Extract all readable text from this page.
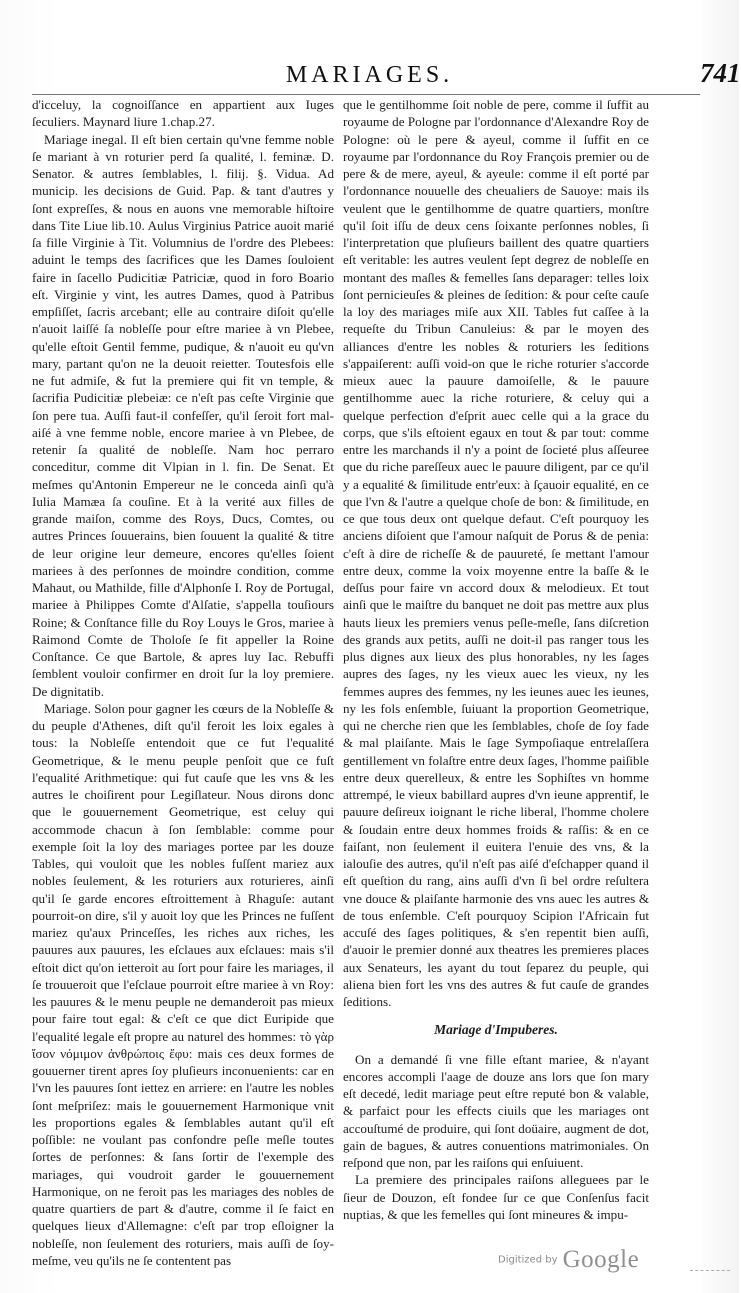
MARIAGES.	741

d'icceluy, la cognoiſſance en appartient aux Iuges ſeculiers. Maynard liure 1.chap.27.

Mariage inegal. Il eſt bien certain qu'vne femme noble ſe mariant à vn roturier perd ſa qualité, l. feminæ. D. Senator. & autres ſemblables, l. filij. §. Vidua. Ad municip. les decisions de Guid. Pap. & tant d'autres y ſont expreſſes, & nous en auons vne memorable hiſtoire dans Tite Liue lib.10. Aulus Virginius Patrice auoit marié ſa fille Virginie à Tit. Volumnius de l'ordre des Plebees: aduint le temps des ſacrifices que les Dames ſouloient faire in ſacello Pudicitiæ Patriciæ, quod in foro Boario eſt. Virginie y vint, les autres Dames, quod à Patribus empſiſſet, ſacris arcebant; elle au contraire diſoit qu'elle n'auoit laiſſé ſa nobleſſe pour eſtre mariee à vn Plebee, qu'elle eſtoit Gentil femme, pudique, & n'auoit eu qu'vn mary, partant qu'on ne la deuoit reietter. Toutesfois elle ne fut admiſe, & fut la premiere qui fit vn temple, & ſacrifia Pudicitiæ plebeiæ: ce n'eſt pas ceſte Virginie que ſon pere tua. Auſſi faut-il confeſſer, qu'il ſeroit fort mal-aiſé à vne femme noble, encore mariee à vn Plebee, de retenir ſa qualité de nobleſſe. Nam hoc perraro conceditur, comme dit Vlpian in l. fin. De Senat. Et meſmes qu'Antonin Empereur ne le conceda ainſi qu'à Iulia Mamæa ſa couſine. Et à la verité aux filles de grande maiſon, comme des Roys, Ducs, Comtes, ou autres Princes ſouuerains, bien ſouuent la qualité & titre de leur origine leur demeure, encores qu'elles ſoient mariees à des perſonnes de moindre condition, comme Mahaut, ou Mathilde, fille d'Alphonſe I. Roy de Portugal, mariee à Philippes Comte d'Alſatie, s'appella touſiours Roine; & Conſtance fille du Roy Louys le Gros, mariee à Raimond Comte de Tholoſe ſe fit appeller la Roine Conſtance. Ce que Bartole, & apres luy Iac. Rebuffi ſemblent vouloir confirmer en droit ſur la loy premiere. De dignitatib.

Mariage. Solon pour gagner les cœurs de la Nobleſſe & du peuple d'Athenes, diſt qu'il feroit les loix egales à tous: la Nobleſſe entendoit que ce fut l'equalité Geometrique, & le menu peuple penſoit que ce fuſt l'equalité Arithmetique: qui fut cauſe que les vns & les autres le choiſirent pour Legiſlateur. Nous dirons donc que le gouuernement Geometrique, est celuy qui accommode chacun à ſon ſemblable: comme pour exemple ſoit la loy des mariages portee par les douze Tables, qui vouloit que les nobles fuſſent mariez aux nobles ſeulement, & les roturiers aux roturieres, ainſi qu'il ſe garde encores eſtroittement à Rhaguſe: autant pourroit-on dire, s'il y auoit loy que les Princes ne fuſſent mariez qu'aux Princeſſes, les riches aux riches, les pauures aux pauures, les eſclaues aux eſclaues: mais s'il eſtoit dict qu'on ietteroit au ſort pour faire les mariages, il ſe trouueroit que l'eſclaue pourroit eſtre mariee à vn Roy: les pauures & le menu peuple ne demanderoit pas mieux pour faire tout egal: & c'eſt ce que dict Euripide que l'equalité legale eſt propre au naturel des hommes: τὸ γὰρ ἴσον νόμιμον ἀνθρώποις ἔφυ: mais ces deux formes de gouuerner tirent apres ſoy pluſieurs inconuenients: car en l'vn les pauures ſont iettez en arriere: en l'autre les nobles ſont meſpriſez: mais le gouuernement Harmonique vnit les proportions egales & ſemblables autant qu'il eſt poſſible: ne voulant pas confondre peſle meſle toutes ſortes de perſonnes: & ſans ſortir de l'exemple des mariages, qui voudroit garder le gouuernement Harmonique, on ne feroit pas les mariages des nobles de quatre quartiers de part & d'autre, comme il ſe faict en quelques lieux d'Allemagne: c'eſt par trop eſloigner la nobleſſe, non ſeulement des roturiers, mais auſſi de ſoy-meſme, veu qu'ils ne ſe contentent pas

que le gentilhomme ſoit noble de pere, comme il ſuffit au royaume de Pologne par l'ordonnance d'Alexandre Roy de Pologne: où le pere & ayeul, comme il ſuffit en ce royaume par l'ordonnance du Roy François premier ou de pere & de mere, ayeul, & ayeule: comme il eſt porté par l'ordonnance nouuelle des cheualiers de Sauoye: mais ils veulent que le gentilhomme de quatre quartiers, monſtre qu'il ſoit iſſu de deux cens ſoixante perſonnes nobles, ſi l'interpretation que pluſieurs baillent des quatre quartiers eſt veritable: les autres veulent ſept degrez de nobleſſe en montant des maſles & femelles ſans deparager: telles loix ſont pernicieuſes & pleines de ſedition: & pour ceſte cauſe la loy des mariages miſe aux XII. Tables fut caſſee à la requeſte du Tribun Canuleius: & par le moyen des alliances d'entre les nobles & roturiers les ſeditions s'appaiſerent: auſſi void-on que le riche roturier s'accorde mieux auec la pauure damoiſelle, & le pauure gentilhomme auec la riche roturiere, & celuy qui a quelque perfection d'eſprit auec celle qui a la grace du corps, que s'ils eſtoient egaux en tout & par tout: comme entre les marchands il n'y a point de ſocieté plus aſſeuree que du riche pareſſeux auec le pauure diligent, par ce qu'il y a equalité & ſimilitude entr'eux: à ſçauoir equalité, en ce que l'vn & l'autre a quelque choſe de bon: & ſimilitude, en ce que tous deux ont quelque defaut. C'eſt pourquoy les anciens diſoient que l'amour naſquit de Porus & de penia: c'eſt à dire de richeſſe & de pauureté, ſe mettant l'amour entre deux, comme la voix moyenne entre la baſſe & le deſſus pour faire vn accord doux & melodieux. Et tout ainſi que le maiſtre du banquet ne doit pas mettre aux plus hauts lieux les premiers venus peſle-meſle, ſans diſcretion des grands aux petits, auſſi ne doit-il pas ranger tous les plus dignes aux lieux des plus honorables, ny les ſages aupres des ſages, ny les vieux auec les vieux, ny les femmes aupres des femmes, ny les ieunes auec les ieunes, ny les fols enſemble, ſuiuant la proportion Geometrique, qui ne cherche rien que les ſemblables, choſe de ſoy fade & mal plaiſante. Mais le ſage Sympoſiaque entrelaſſera gentillement vn folaſtre entre deux ſages, l'homme paiſible entre deux querelleux, & entre les Sophiſtes vn homme attrempé, le vieux babillard aupres d'vn ieune apprentif, le pauure deſireux ioignant le riche liberal, l'homme cholere & ſoudain entre deux hommes froids & raſſis: & en ce faiſant, non ſeulement il euitera l'enuie des vns, & la ialouſie des autres, qu'il n'eſt pas aiſé d'eſchapper quand il eſt queſtion du rang, ains auſſi d'vn ſi bel ordre reſultera vne douce & plaiſante harmonie des vns auec les autres & de tous enſemble. C'eſt pourquoy Scipion l'Africain fut accuſé des ſages politiques, & s'en repentit bien auſſi, d'auoir le premier donné aux theatres les premieres places aux Senateurs, les ayant du tout ſeparez du peuple, qui aliena bien fort les vns des autres & fut cauſe de grandes ſeditions.

Mariage d'Impuberes.

On a demandé ſi vne fille eſtant mariee, & n'ayant encores accompli l'aage de douze ans lors que ſon mary eſt decedé, ledit mariage peut eſtre reputé bon & valable, & parfaict pour les effects ciuils que les mariages ont accouſtumé de produire, qui ſont doüaire, augment de dot, gain de bagues, & autres conuentions matrimoniales. On reſpond que non, par les raiſons qui enſuiuent.

La premiere des principales raiſons alleguees par le ſieur de Douzon, eſt fondee ſur ce que Conſenſus facit nuptias, & que les femelles qui ſont mineures & impu-

Digitized by Google
